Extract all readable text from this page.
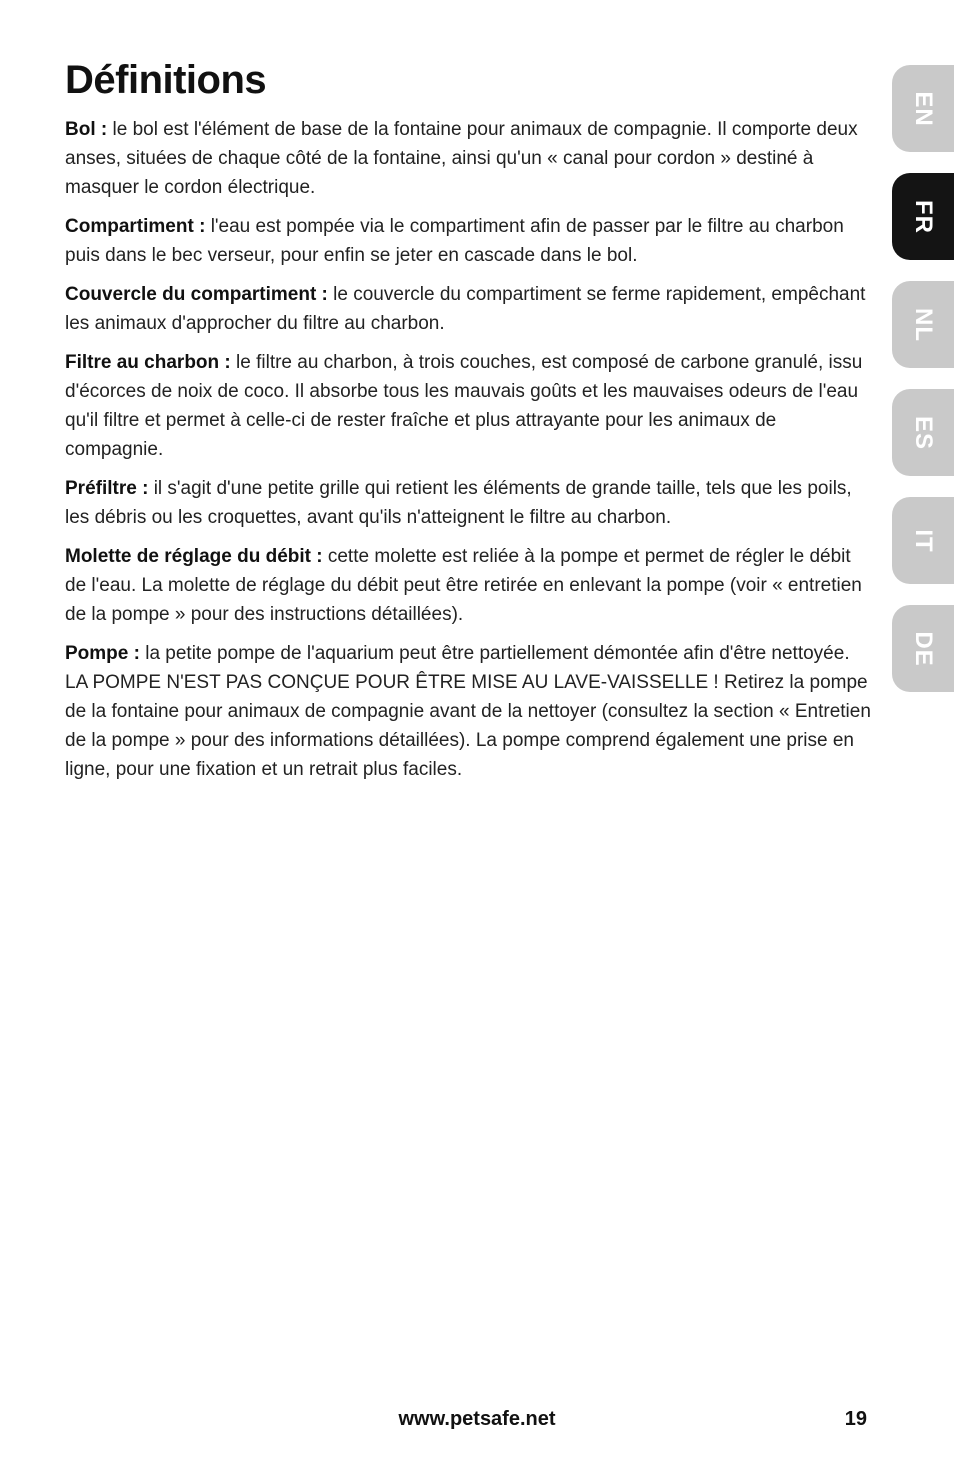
Définitions

Bol : le bol est l'élément de base de la fontaine pour animaux de compagnie. Il comporte deux anses, situées de chaque côté de la fontaine, ainsi qu'un « canal pour cordon » destiné à masquer le cordon électrique.

Compartiment : l'eau est pompée via le compartiment afin de passer par le filtre au charbon puis dans le bec verseur, pour enfin se jeter en cascade dans le bol.

Couvercle du compartiment : le couvercle du compartiment se ferme rapidement, empêchant les animaux d'approcher du filtre au charbon.

Filtre au charbon : le filtre au charbon, à trois couches, est composé de carbone granulé, issu d'écorces de noix de coco. Il absorbe tous les mauvais goûts et les mauvaises odeurs de l'eau qu'il filtre et permet à celle-ci de rester fraîche et plus attrayante pour les animaux de compagnie.

Préfiltre : il s'agit d'une petite grille qui retient les éléments de grande taille, tels que les poils, les débris ou les croquettes, avant qu'ils n'atteignent le filtre au charbon.

Molette de réglage du débit : cette molette est reliée à la pompe et permet de régler le débit de l'eau. La molette de réglage du débit peut être retirée en enlevant la pompe (voir « entretien de la pompe » pour des instructions détaillées).

Pompe : la petite pompe de l'aquarium peut être partiellement démontée afin d'être nettoyée. LA POMPE N'EST PAS CONÇUE POUR ÊTRE MISE AU LAVE-VAISSELLE ! Retirez la pompe de la fontaine pour animaux de compagnie avant de la nettoyer (consultez la section « Entretien de la pompe » pour des informations détaillées). La pompe comprend également une prise en ligne, pour une fixation et un retrait plus faciles.

EN
FR
NL
ES
IT
DE
www.petsafe.net	19
